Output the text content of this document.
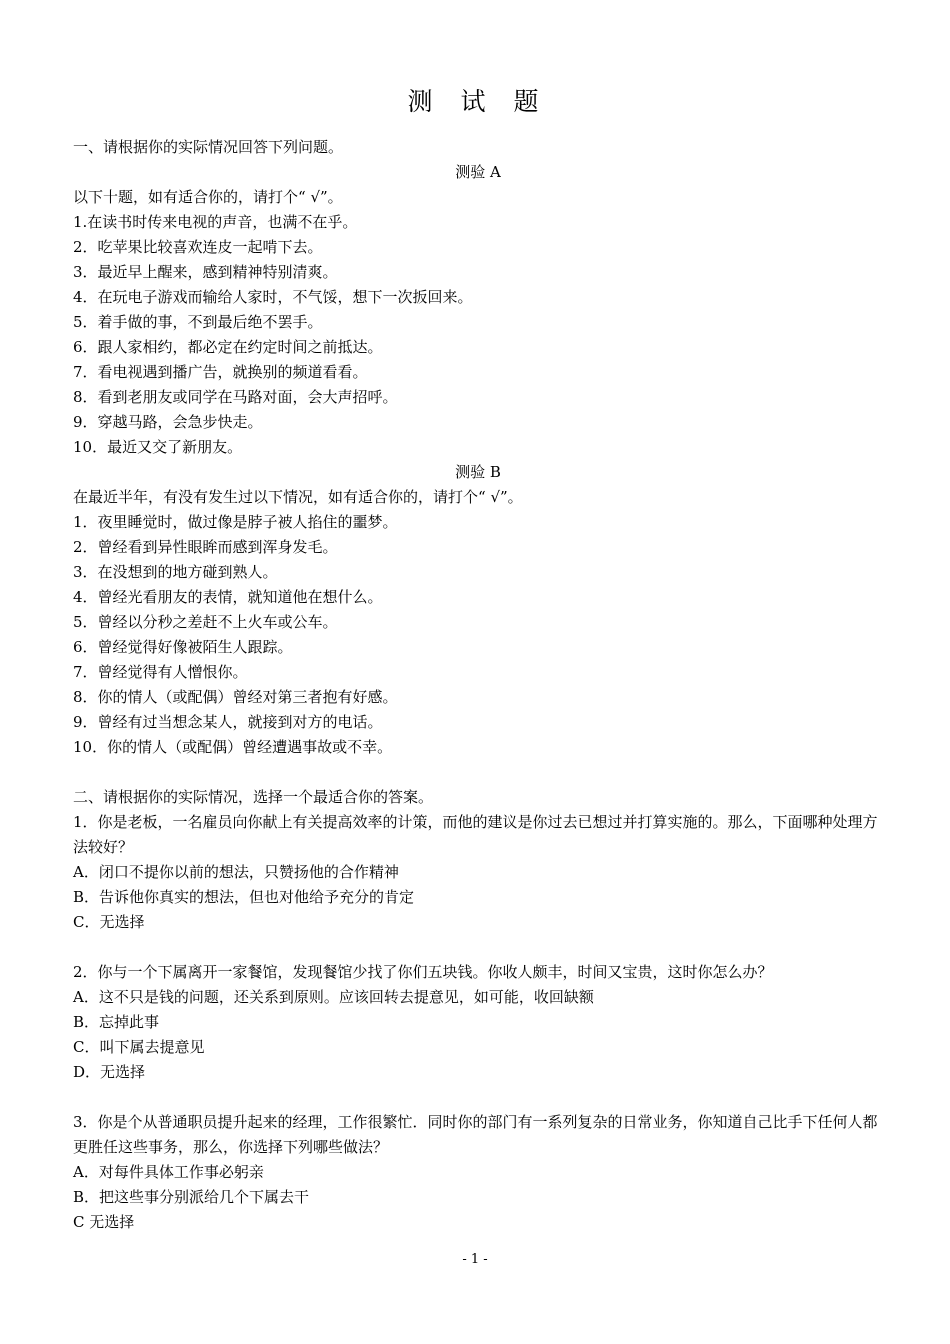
测 试 题
一、请根据你的实际情况回答下列问题。
测验 A
以下十题，如有适合你的，请打个“ √”。
1.在读书时传来电视的声音，也满不在乎。
2．吃苹果比较喜欢连皮一起啃下去。
3．最近早上醒来，感到精神特别清爽。
4．在玩电子游戏而输给人家时，不气馁，想下一次扳回来。
5．着手做的事，不到最后绝不罢手。
6．跟人家相约，都必定在约定时间之前抵达。
7．看电视遇到播广告，就换别的频道看看。
8．看到老朋友或同学在马路对面，会大声招呼。
9．穿越马路，会急步快走。
10．最近又交了新朋友。
测验 B
在最近半年，有没有发生过以下情况，如有适合你的，请打个“ √”。
1．夜里睡觉时，做过像是脖子被人掐住的噩梦。
2．曾经看到异性眼眸而感到浑身发毛。
3．在没想到的地方碰到熟人。
4．曾经光看朋友的表情，就知道他在想什么。
5．曾经以分秒之差赶不上火车或公车。
6．曾经觉得好像被陌生人跟踪。
7．曾经觉得有人憎恨你。
8．你的情人（或配偶）曾经对第三者抱有好感。
9．曾经有过当想念某人，就接到对方的电话。
10．你的情人（或配偶）曾经遭遇事故或不幸。
二、请根据你的实际情况，选择一个最适合你的答案。
1．你是老板，一名雇员向你献上有关提高效率的计策，而他的建议是你过去已想过并打算实施的。那么，下面哪种处理方法较好？
A．闭口不提你以前的想法，只赞扬他的合作精神
B．告诉他你真实的想法，但也对他给予充分的肯定
C．无选择
2．你与一个下属离开一家餐馆，发现餐馆少找了你们五块钱。你收人颇丰，时间又宝贵，这时你怎么办？
A．这不只是钱的问题，还关系到原则。应该回转去提意见，如可能，收回缺额
B．忘掉此事
C．叫下属去提意见
D．无选择
3．你是个从普通职员提升起来的经理，工作很繁忙．同时你的部门有一系列复杂的日常业务，你知道自己比手下任何人都更胜任这些事务，那么，你选择下列哪些做法？
A．对每件具体工作事必躬亲
B．把这些事分别派给几个下属去干
C 无选择
- 1 -
